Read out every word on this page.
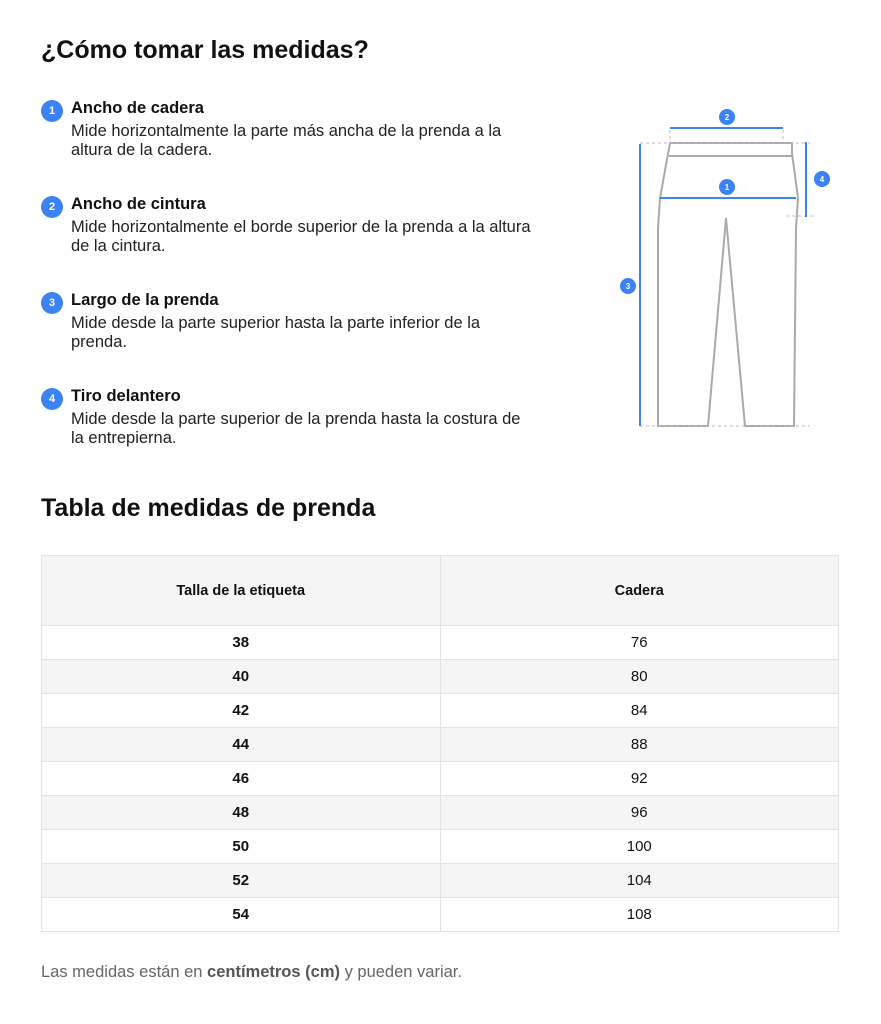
¿Cómo tomar las medidas?
1 Ancho de cadera
Mide horizontalmente la parte más ancha de la prenda a la altura de la cadera.
2 Ancho de cintura
Mide horizontalmente el borde superior de la prenda a la altura de la cintura.
3 Largo de la prenda
Mide desde la parte superior hasta la parte inferior de la prenda.
4 Tiro delantero
Mide desde la parte superior de la prenda hasta la costura de la entrepierna.
2
1
3
4
Tabla de medidas de prenda
Talla de la etiqueta	Cadera
38	76
40	80
42	84
44	88
46	92
48	96
50	100
52	104
54	108
Las medidas están en centímetros (cm) y pueden variar.
